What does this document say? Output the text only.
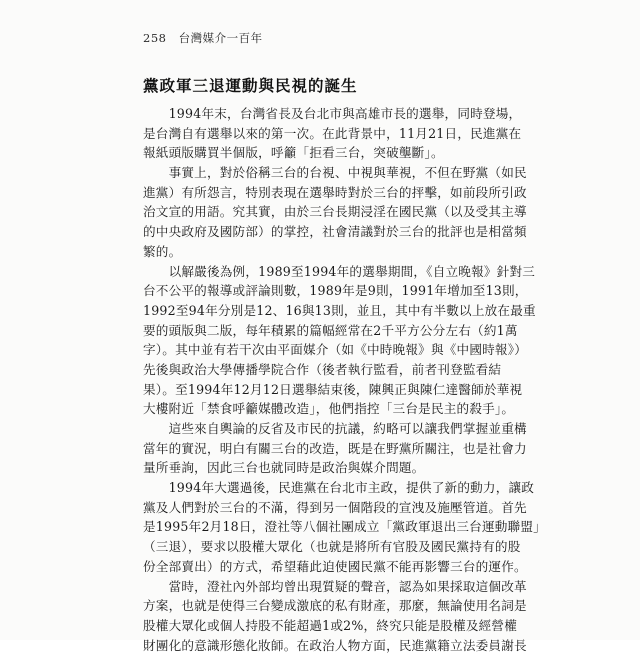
258 台灣媒介一百年
黨政軍三退運動與民視的誕生
　　1994年末，台灣省長及台北市與高雄市長的選舉，同時登場，
是台灣自有選舉以來的第一次。在此背景中，11月21日，民進黨在
報紙頭版購買半個版，呼籲「拒看三台，突破壟斷」。
　　事實上，對於俗稱三台的台視、中視與華視，不但在野黨（如民
進黨）有所怨言，特別表現在選舉時對於三台的抨擊，如前段所引政
治文宣的用語。究其實，由於三台長期浸淫在國民黨（以及受其主導
的中央政府及國防部）的掌控，社會清議對於三台的批評也是相當頻
繁的。
　　以解嚴後為例，1989至1994年的選舉期間，《自立晚報》針對三
台不公平的報導或評論則數，1989年是9則，1991年增加至13則，
1992至94年分別是12、16與13則，並且，其中有半數以上放在最重
要的頭版與二版，每年積累的篇幅經常在2千平方公分左右（約1萬
字）。其中並有若干次由平面媒介（如《中時晚報》與《中國時報》）
先後與政治大學傳播學院合作（後者執行監看，前者刊登監看結
果）。至1994年12月12日選舉結束後，陳興正與陳仁達醫師於華視
大樓附近「禁食呼籲媒體改造」，他們指控「三台是民主的殺手」。
　　這些來自輿論的反省及市民的抗議，約略可以讓我們掌握並重構
當年的實況，明白有關三台的改造，既是在野黨所關注，也是社會力
量所垂詢，因此三台也就同時是政治與媒介問題。
　　1994年大選過後，民進黨在台北市主政，提供了新的動力，讓政
黨及人們對於三台的不滿，得到另一個階段的宣洩及施壓管道。首先
是1995年2月18日，澄社等八個社團成立「黨政軍退出三台運動聯盟」
（三退），要求以股權大眾化（也就是將所有官股及國民黨持有的股
份全部賣出）的方式，希望藉此迫使國民黨不能再影響三台的運作。
　　當時，澄社內外部均曾出現質疑的聲音，認為如果採取這個改革
方案，也就是使得三台變成激底的私有財產，那麼，無論使用名詞是
股權大眾化或個人持股不能超過1或2%，終究只能是股權及經營權
財團化的意識形態化妝師。在政治人物方面，民進黨籍立法委員謝長
